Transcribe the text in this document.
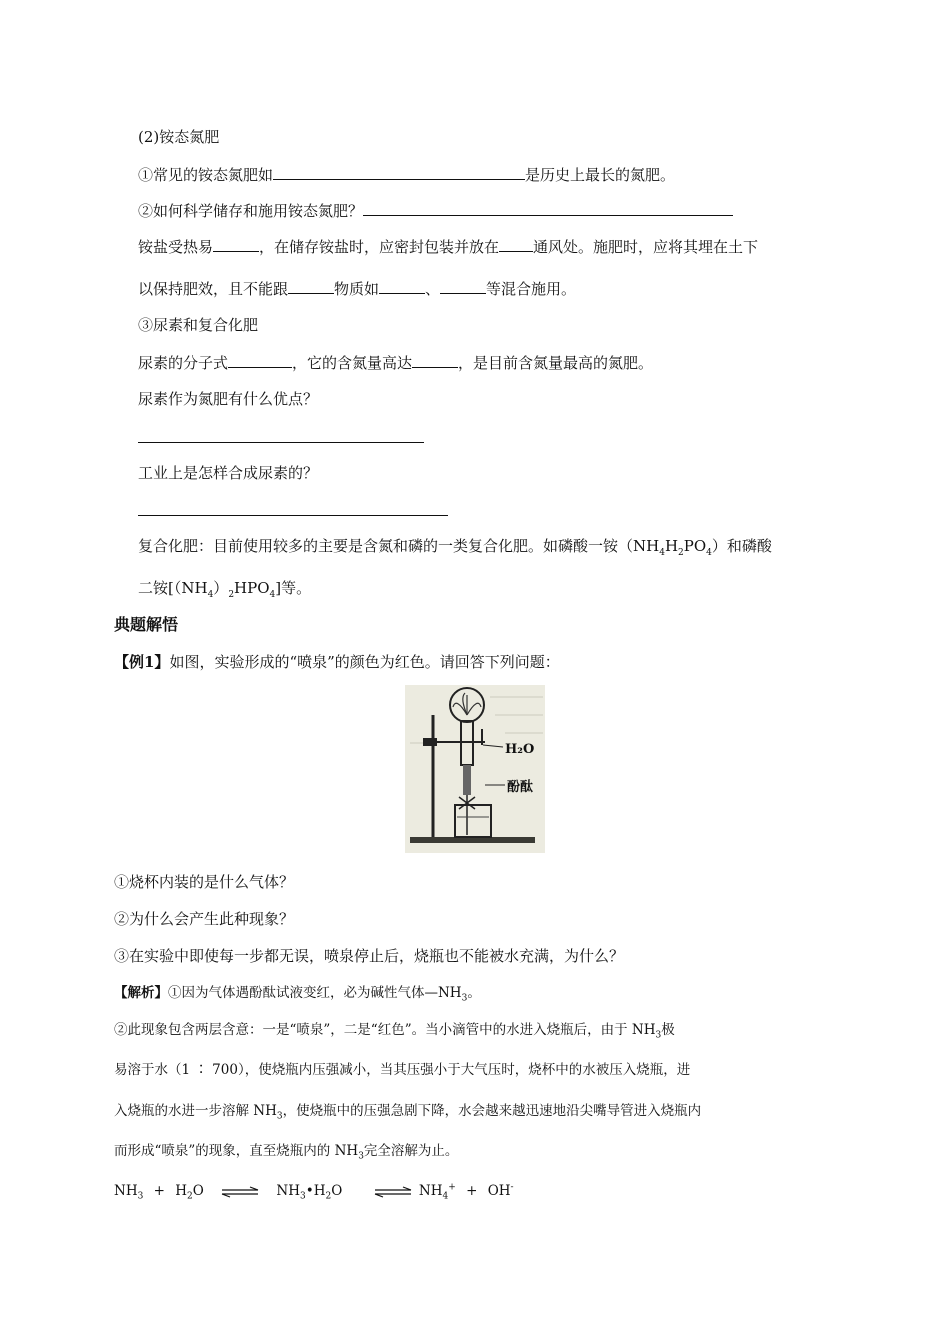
(2)铵态氮肥
①常见的铵态氮肥如	是历史上最长的氮肥。
②如何科学储存和施用铵态氮肥？
铵盐受热易	，在储存铵盐时，应密封包装并放在 通风处。施肥时，应将其埋在土下
以保持肥效，且不能跟	物质如	、	等混合施用。
③尿素和复合化肥
尿素的分子式	，它的含氮量高达	，是目前含氮量最高的氮肥。
尿素作为氮肥有什么优点？
工业上是怎样合成尿素的？
复合化肥：目前使用较多的主要是含氮和磷的一类复合化肥。如磷酸一铵$(NH_4H_2PO_4)$和磷酸
二铵$[(NH_4)_2HPO_4]$等。
典题解悟
【例1】如图，实验形成的“喷泉”的颜色为红色。请回答下列问题：
H₂O
酚酞
①烧杯内装的是什么气体？
②为什么会产生此种现象？
③在实验中即使每一步都无误，喷泉停止后，烧瓶也不能被水充满，为什么？
【解析】①因为气体遇酚酞试液变红，必为碱性气体$—NH_3$。
②此现象包含两层含意：一是“喷泉”，二是“红色”。当小滴管中的水进入烧瓶后，由于 $NH_3$极
易溶于水（1 ∶ 700），使烧瓶内压强减小，当其压强小于大气压时，烧杯中的水被压入烧瓶，进
入烧瓶的水进一步溶解 $NH_3$，使烧瓶中的压强急剧下降，水会越来越迅速地沿尖嘴导管进入烧瓶内
而形成“喷泉”的现象，直至烧瓶内的 $NH_3$完全溶解为止。
$NH_3 + H_2O$ ⇌ $NH_3•H_2O$ ⇌ $NH_4^+ + OH^-$
